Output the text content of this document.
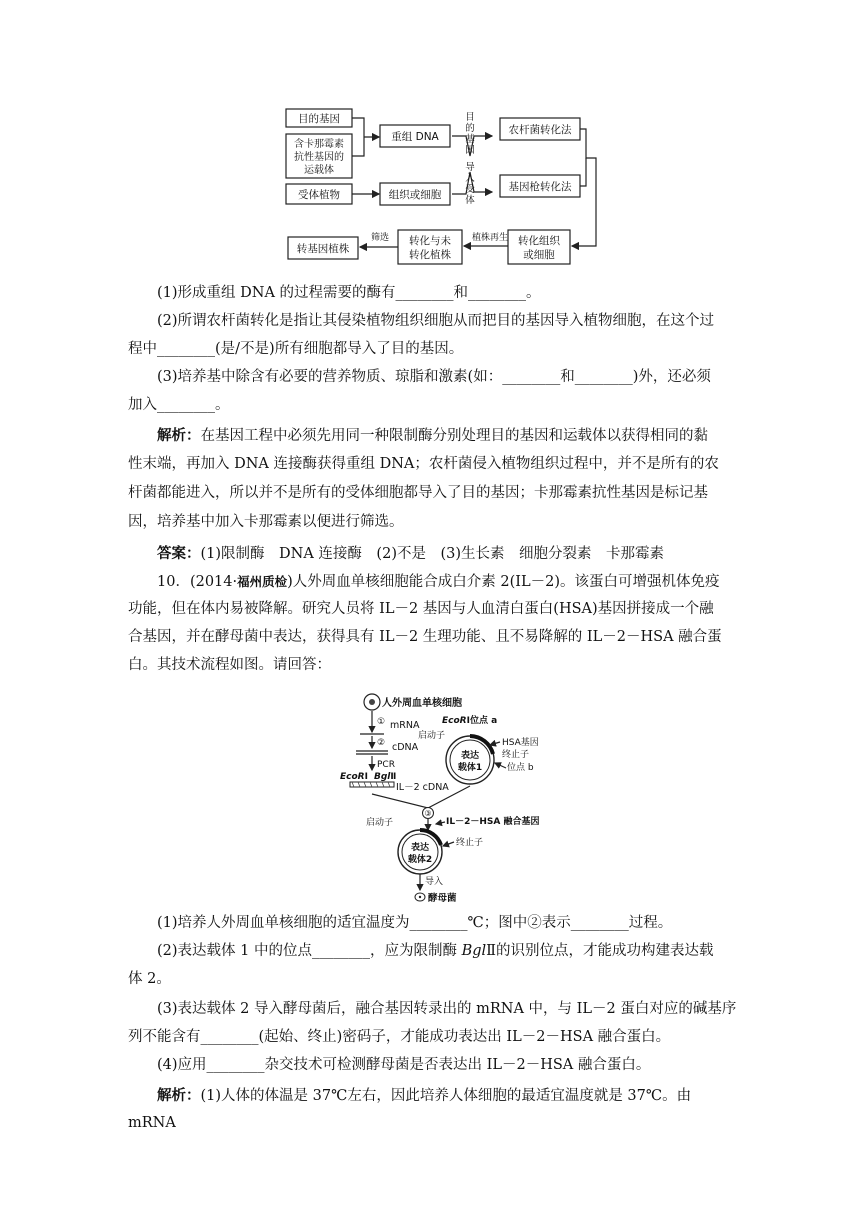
目的基因
含卡那霉素
抗性基因的
运载体
受体植物
重组 DNA
组织或细胞
目
的
基
因
导
入
受
体
农杆菌转化法
基因枪转化法
转化组织
或细胞
植株再生
转化与未
转化植株
筛选
转基因植株

(1)形成重组 DNA 的过程需要的酶有________和________。

(2)所谓农杆菌转化是指让其侵染植物组织细胞从而把目的基因导入植物细胞，在这个过

程中________(是/不是)所有细胞都导入了目的基因。

(3)培养基中除含有必要的营养物质、琼脂和激素(如：________和________)外，还必须

加入________。

解析：在基因工程中必须先用同一种限制酶分别处理目的基因和运载体以获得相同的黏

性末端，再加入 DNA 连接酶获得重组 DNA；农杆菌侵入植物组织过程中，并不是所有的农

杆菌都能进入，所以并不是所有的受体细胞都导入了目的基因；卡那霉素抗性基因是标记基

因，培养基中加入卡那霉素以便进行筛选。

答案：(1)限制酶　DNA 连接酶　(2)不是　(3)生长素　细胞分裂素　卡那霉素

10．(2014·福州质检)人外周血单核细胞能合成白介素 2(IL－2)。该蛋白可增强机体免疫

功能，但在体内易被降解。研究人员将 IL－2 基因与人血清白蛋白(HSA)基因拼接成一个融

合基因，并在酵母菌中表达，获得具有 IL－2 生理功能、且不易降解的 IL－2－HSA 融合蛋

白。其技术流程如图。请回答：

人外周血单核细胞
① mRNA
② cDNA
PCR
EcoRⅠ BglⅡ
IL－2 cDNA
EcoRⅠ位点 a
启动子
表达
载体1
HSA基因
终止子
位点 b
③
启动子	IL－2－HSA 融合基因
表达
载体2
终止子
导入
酵母菌

(1)培养人外周血单核细胞的适宜温度为________℃；图中②表示________过程。

(2)表达载体 1 中的位点________，应为限制酶 BglⅡ的识别位点，才能成功构建表达载

体 2。

(3)表达载体 2 导入酵母菌后，融合基因转录出的 mRNA 中，与 IL－2 蛋白对应的碱基序

列不能含有________(起始、终止)密码子，才能成功表达出 IL－2－HSA 融合蛋白。

(4)应用________杂交技术可检测酵母菌是否表达出 IL－2－HSA 融合蛋白。

解析：(1)人体的体温是 37℃左右，因此培养人体细胞的最适宜温度就是 37℃。由 mRNA
